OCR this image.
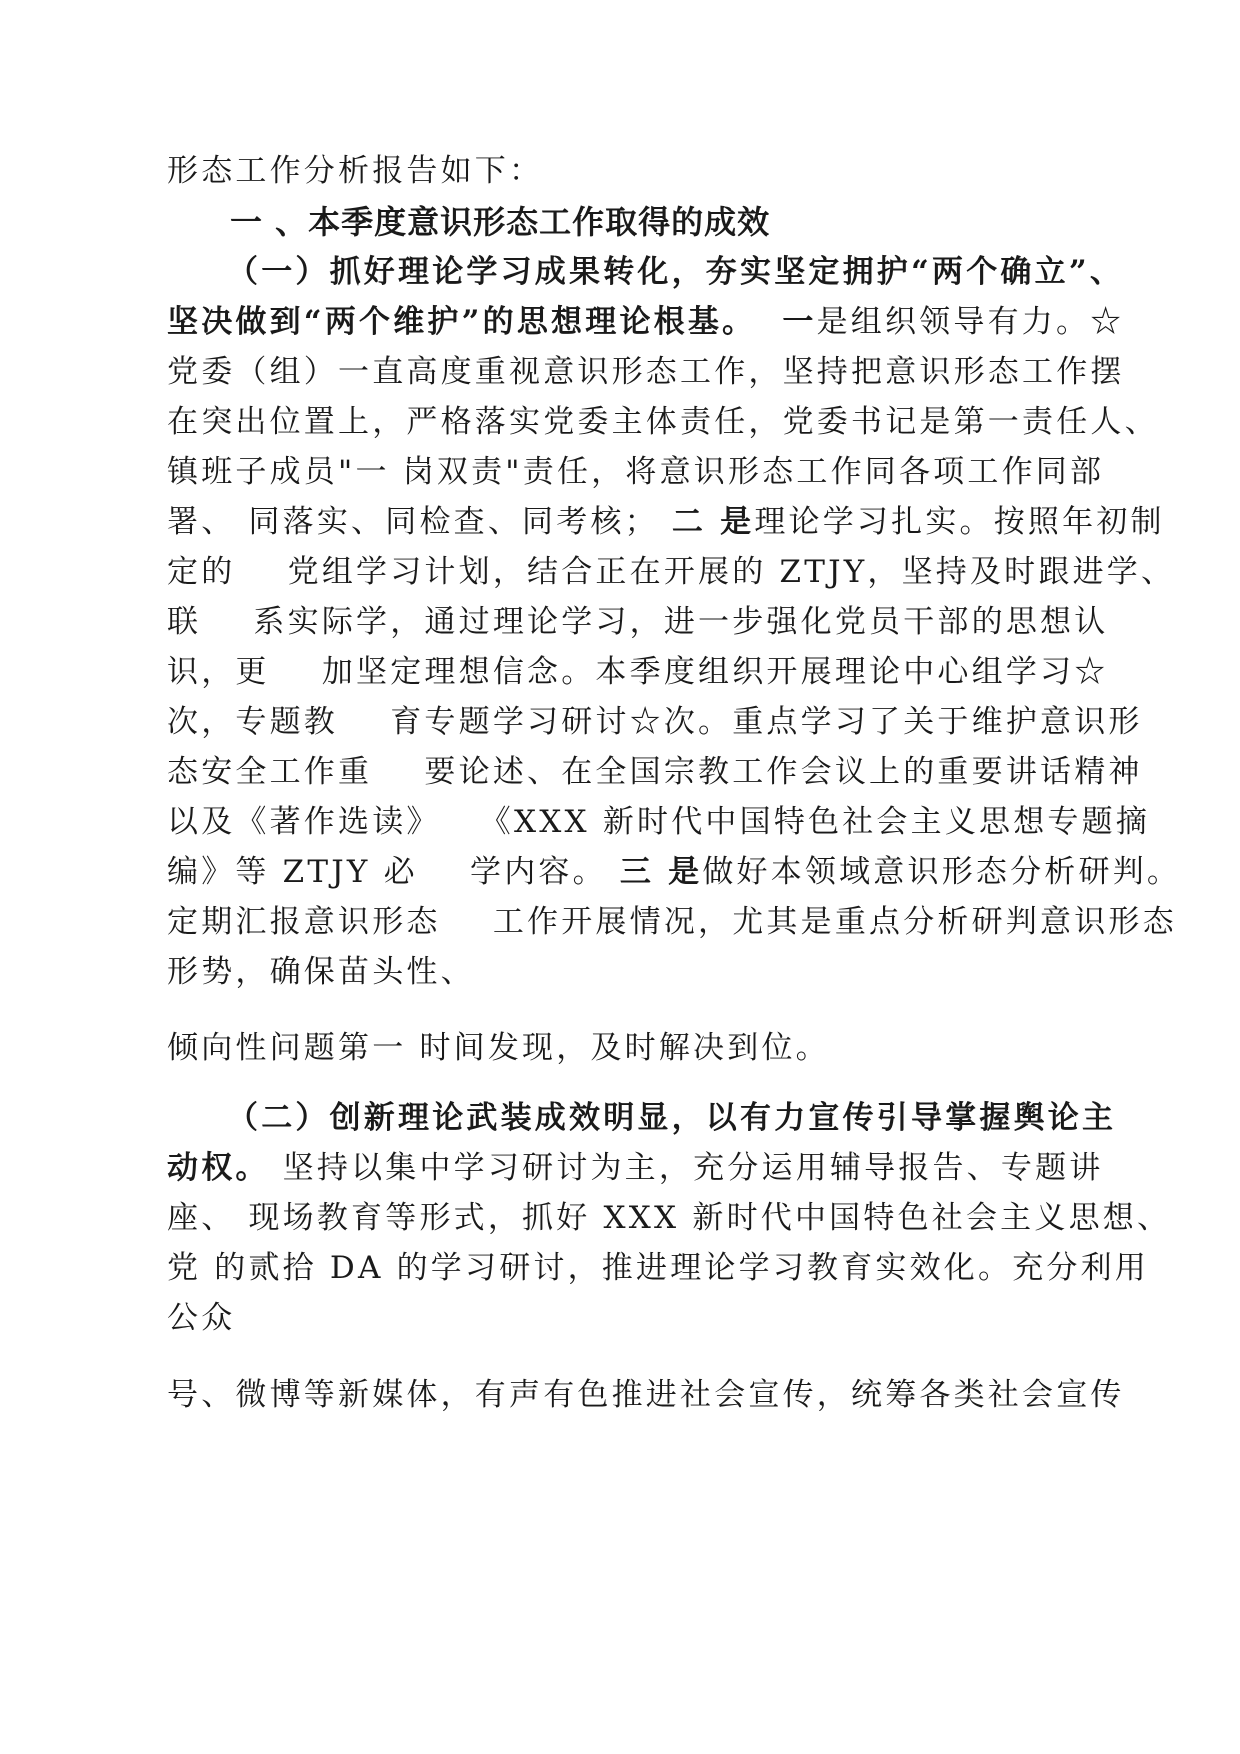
形态工作分析报告如下：
一 、本季度意识形态工作取得的成效
（一）抓好理论学习成果转化，夯实坚定拥护“两个确立”、
坚决做到“两个维护”的思想理论根基。 一是组织领导有力。☆
党委（组）一直高度重视意识形态工作，坚持把意识形态工作摆
在突出位置上，严格落实党委主体责任，党委书记是第一责任人、
镇班子成员"一 岗双责"责任，将意识形态工作同各项工作同部
署、 同落实、同检查、同考核； 二 是理论学习扎实。按照年初制
定的    党组学习计划，结合正在开展的 ZTJY，坚持及时跟进学、
联    系实际学，通过理论学习，进一步强化党员干部的思想认
识，更    加坚定理想信念。本季度组织开展理论中心组学习☆
次，专题教    育专题学习研讨☆次。重点学习了关于维护意识形
态安全工作重    要论述、在全国宗教工作会议上的重要讲话精神
以及《著作选读》   《XXX 新时代中国特色社会主义思想专题摘
编》等 ZTJY 必    学内容。 三 是做好本领域意识形态分析研判。
定期汇报意识形态    工作开展情况，尤其是重点分析研判意识形态
形势，确保苗头性、
倾向性问题第一 时间发现，及时解决到位。
（二）创新理论武装成效明显，以有力宣传引导掌握舆论主
动权。 坚持以集中学习研讨为主，充分运用辅导报告、专题讲
座、 现场教育等形式，抓好 XXX 新时代中国特色社会主义思想、
党 的贰拾 DA 的学习研讨，推进理论学习教育实效化。充分利用
公众
号、微博等新媒体，有声有色推进社会宣传，统筹各类社会宣传
